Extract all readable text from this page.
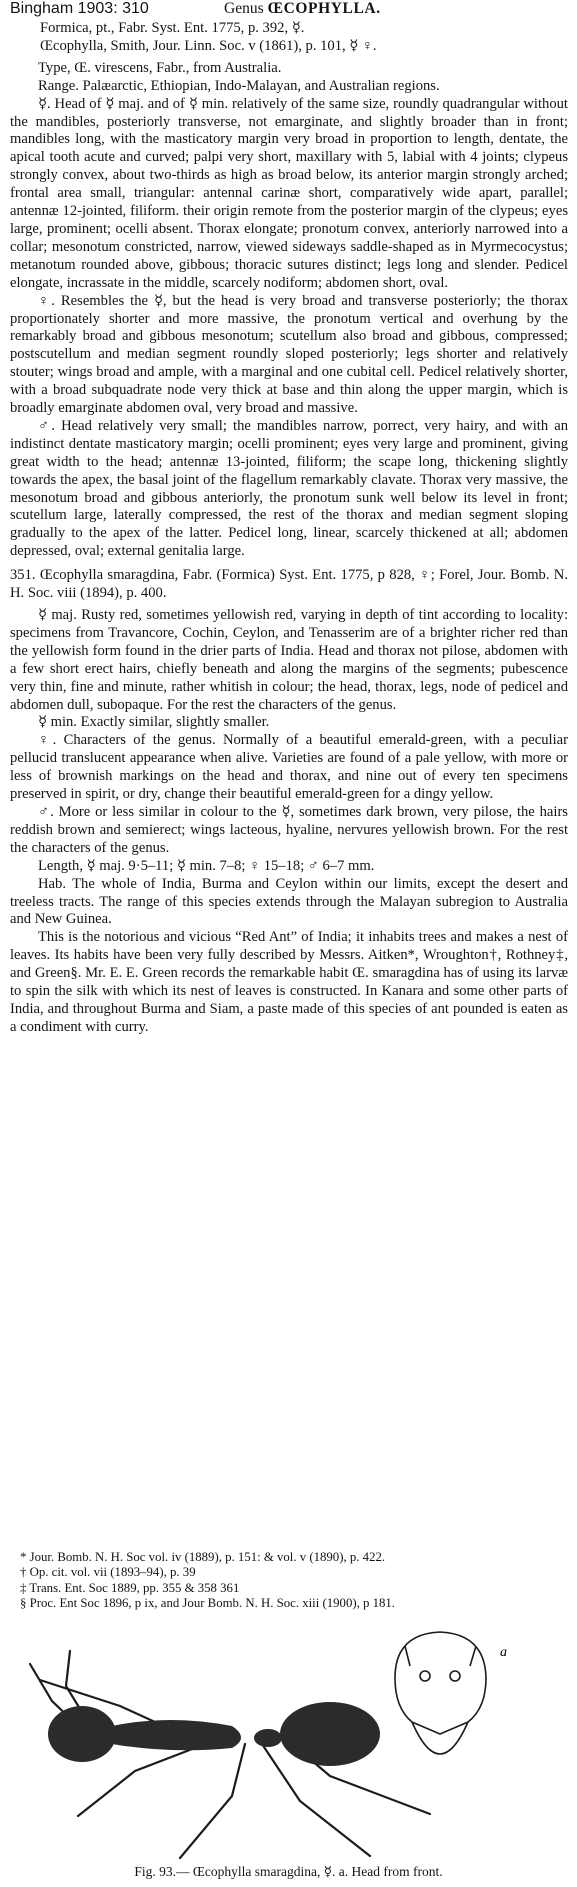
Bingham 1903: 310	Genus ŒCOPHYLLA.

Formica, pt., Fabr. Syst. Ent. 1775, p. 392, ☿.

Œcophylla, Smith, Jour. Linn. Soc. v (1861), p. 101, ☿ ♀.

Type, Œ. virescens, Fabr., from Australia.

Range. Palæarctic, Ethiopian, Indo-Malayan, and Australian regions.

☿. Head of ☿ maj. and of ☿ min. relatively of the same size, roundly quadrangular without the mandibles, posteriorly transverse, not emarginate, and slightly broader than in front; mandibles long, with the masticatory margin very broad in proportion to length, dentate, the apical tooth acute and curved; palpi very short, maxillary with 5, labial with 4 joints; clypeus strongly convex, about two-thirds as high as broad below, its anterior margin strongly arched; frontal area small, triangular: antennal carinæ short, comparatively wide apart, parallel; antennæ 12-jointed, filiform. their origin remote from the posterior margin of the clypeus; eyes large, prominent; ocelli absent. Thorax elongate; pronotum convex, anteriorly narrowed into a collar; mesonotum constricted, narrow, viewed sideways saddle-shaped as in Myrmecocystus; metanotum rounded above, gibbous; thoracic sutures distinct; legs long and slender. Pedicel elongate, incrassate in the middle, scarcely nodiform; abdomen short, oval.

♀. Resembles the ☿, but the head is very broad and transverse posteriorly; the thorax proportionately shorter and more massive, the pronotum vertical and overhung by the remarkably broad and gibbous mesonotum; scutellum also broad and gibbous, compressed; postscutellum and median segment roundly sloped posteriorly; legs shorter and relatively stouter; wings broad and ample, with a marginal and one cubital cell. Pedicel relatively shorter, with a broad subquadrate node very thick at base and thin along the upper margin, which is broadly emarginate abdomen oval, very broad and massive.

♂. Head relatively very small; the mandibles narrow, porrect, very hairy, and with an indistinct dentate masticatory margin; ocelli prominent; eyes very large and prominent, giving great width to the head; antennæ 13-jointed, filiform; the scape long, thickening slightly towards the apex, the basal joint of the flagellum remarkably clavate. Thorax very massive, the mesonotum broad and gibbous anteriorly, the pronotum sunk well below its level in front; scutellum large, laterally compressed, the rest of the thorax and median segment sloping gradually to the apex of the latter. Pedicel long, linear, scarcely thickened at all; abdomen depressed, oval; external genitalia large.

351. Œcophylla smaragdina, Fabr. (Formica) Syst. Ent. 1775, p 828, ♀; Forel, Jour. Bomb. N. H. Soc. viii (1894), p. 400.

☿ maj. Rusty red, sometimes yellowish red, varying in depth of tint according to locality: specimens from Travancore, Cochin, Ceylon, and Tenasserim are of a brighter richer red than the yellowish form found in the drier parts of India. Head and thorax not pilose, abdomen with a few short erect hairs, chiefly beneath and along the margins of the segments; pubescence very thin, fine and minute, rather whitish in colour; the head, thorax, legs, node of pedicel and abdomen dull, subopaque. For the rest the characters of the genus.

☿ min. Exactly similar, slightly smaller.

♀. Characters of the genus. Normally of a beautiful emerald-green, with a peculiar pellucid translucent appearance when alive. Varieties are found of a pale yellow, with more or less of brownish markings on the head and thorax, and nine out of every ten specimens preserved in spirit, or dry, change their beautiful emerald-green for a dingy yellow.

♂. More or less similar in colour to the ☿, sometimes dark brown, very pilose, the hairs reddish brown and semierect; wings lacteous, hyaline, nervures yellowish brown. For the rest the characters of the genus.

Length, ☿ maj. 9·5–11; ☿ min. 7–8; ♀ 15–18; ♂ 6–7 mm.

Hab. The whole of India, Burma and Ceylon within our limits, except the desert and treeless tracts. The range of this species extends through the Malayan subregion to Australia and New Guinea.

This is the notorious and vicious “Red Ant” of India; it inhabits trees and makes a nest of leaves. Its habits have been very fully described by Messrs. Aitken*, Wroughton†, Rothney‡, and Green§. Mr. E. E. Green records the remarkable habit Œ. smaragdina has of using its larvæ to spin the silk with which its nest of leaves is constructed. In Kanara and some other parts of India, and throughout Burma and Siam, a paste made of this species of ant pounded is eaten as a condiment with curry.

* Jour. Bomb. N. H. Soc vol. iv (1889), p. 151: & vol. v (1890), p. 422.

† Op. cit. vol. vii (1893–94), p. 39

‡ Trans. Ent. Soc 1889, pp. 355 & 358 361

§ Proc. Ent Soc 1896, p ix, and Jour Bomb. N. H. Soc. xiii (1900), p 181.

a
Fig. 93.— Œcophylla smaragdina, ☿. a. Head from front.
